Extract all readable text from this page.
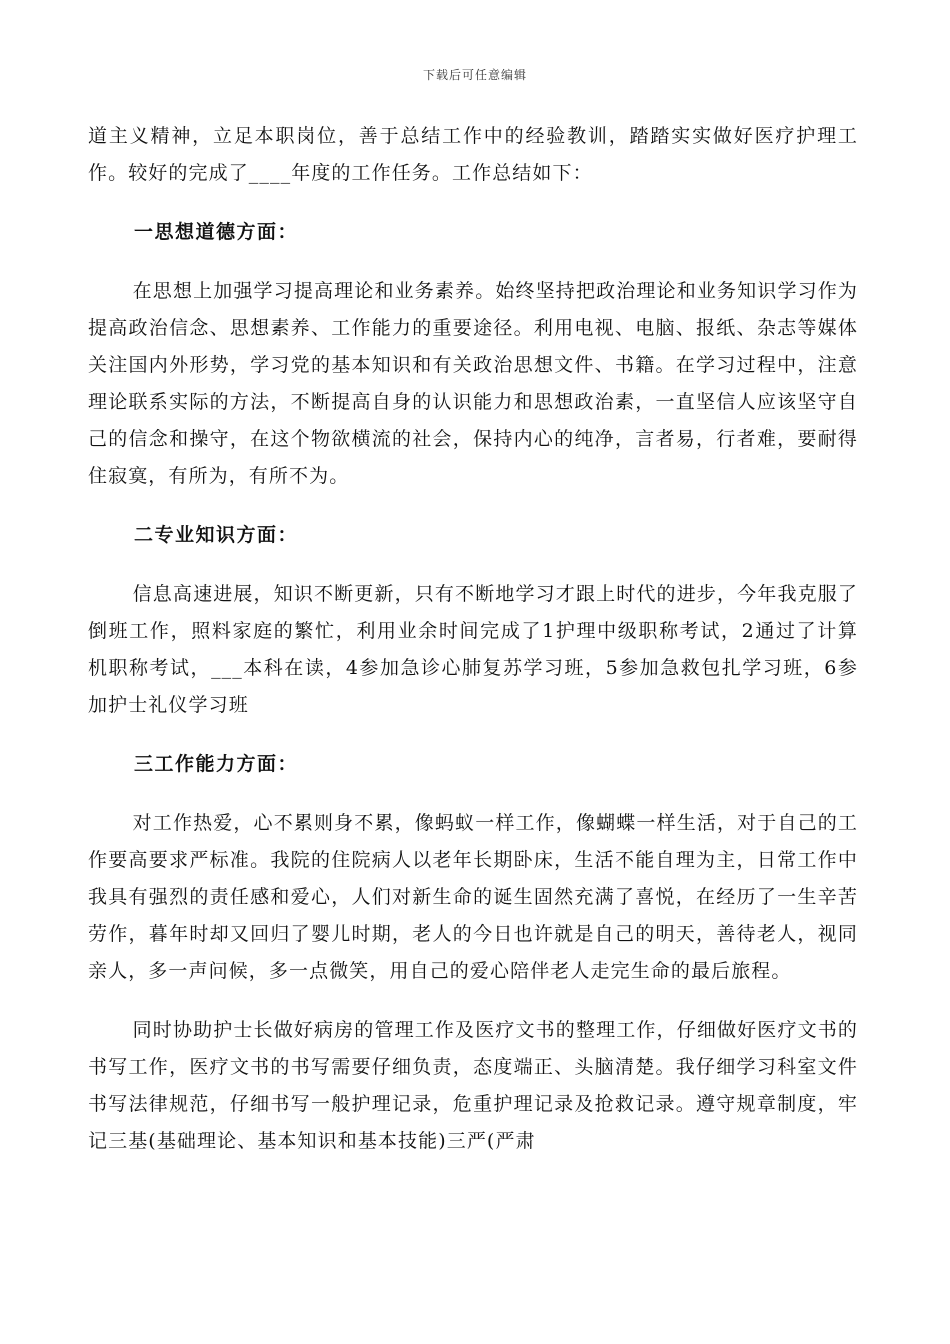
下载后可任意编辑

道主义精神，立足本职岗位，善于总结工作中的经验教训，踏踏实实做好医疗护理工作。较好的完成了____年度的工作任务。工作总结如下：

一思想道德方面：

在思想上加强学习提高理论和业务素养。始终坚持把政治理论和业务知识学习作为提高政治信念、思想素养、工作能力的重要途径。利用电视、电脑、报纸、杂志等媒体关注国内外形势，学习党的基本知识和有关政治思想文件、书籍。在学习过程中，注意理论联系实际的方法，不断提高自身的认识能力和思想政治素，一直坚信人应该坚守自己的信念和操守，在这个物欲横流的社会，保持内心的纯净，言者易，行者难，要耐得住寂寞，有所为，有所不为。

二专业知识方面：

信息高速进展，知识不断更新，只有不断地学习才跟上时代的进步，今年我克服了倒班工作，照料家庭的繁忙，利用业余时间完成了1护理中级职称考试，2通过了计算机职称考试，___本科在读，4参加急诊心肺复苏学习班，5参加急救包扎学习班，6参加护士礼仪学习班

三工作能力方面：

对工作热爱，心不累则身不累，像蚂蚁一样工作，像蝴蝶一样生活，对于自己的工作要高要求严标准。我院的住院病人以老年长期卧床，生活不能自理为主，日常工作中我具有强烈的责任感和爱心，人们对新生命的诞生固然充满了喜悦，在经历了一生辛苦劳作，暮年时却又回归了婴儿时期，老人的今日也许就是自己的明天，善待老人，视同亲人，多一声问候，多一点微笑，用自己的爱心陪伴老人走完生命的最后旅程。

同时协助护士长做好病房的管理工作及医疗文书的整理工作，仔细做好医疗文书的书写工作，医疗文书的书写需要仔细负责，态度端正、头脑清楚。我仔细学习科室文件书写法律规范，仔细书写一般护理记录，危重护理记录及抢救记录。遵守规章制度，牢记三基(基础理论、基本知识和基本技能)三严(严肃
